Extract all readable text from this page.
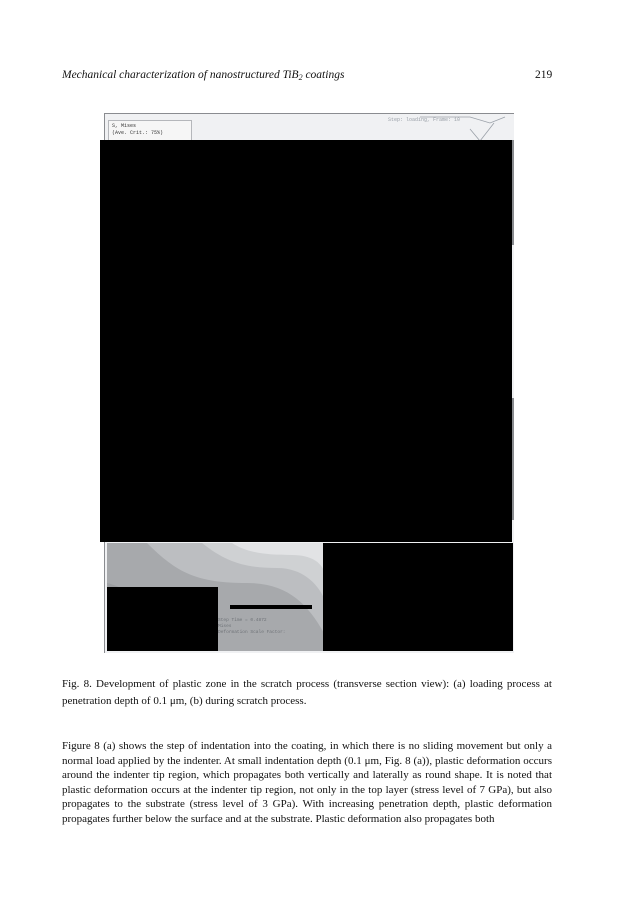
Mechanical characterization of nanostructured TiB$_2$ coatings	219
S, Mises
(Ave. Crit.: 75%)
Step: loading, Frame: 10
Step Time = 0.4872
Mises
Deformation Scale Factor:
Fig. 8. Development of plastic zone in the scratch process (transverse section view): (a) loading process at penetration depth of 0.1 μm, (b) during scratch process.
Figure 8 (a) shows the step of indentation into the coating, in which there is no sliding movement but only a normal load applied by the indenter. At small indentation depth (0.1 μm, Fig. 8 (a)), plastic deformation occurs around the indenter tip region, which propagates both vertically and laterally as round shape. It is noted that plastic deformation occurs at the indenter tip region, not only in the top layer (stress level of 7 GPa), but also propagates to the substrate (stress level of 3 GPa). With increasing penetration depth, plastic deformation propagates further below the surface and at the substrate. Plastic deformation also propagates both
